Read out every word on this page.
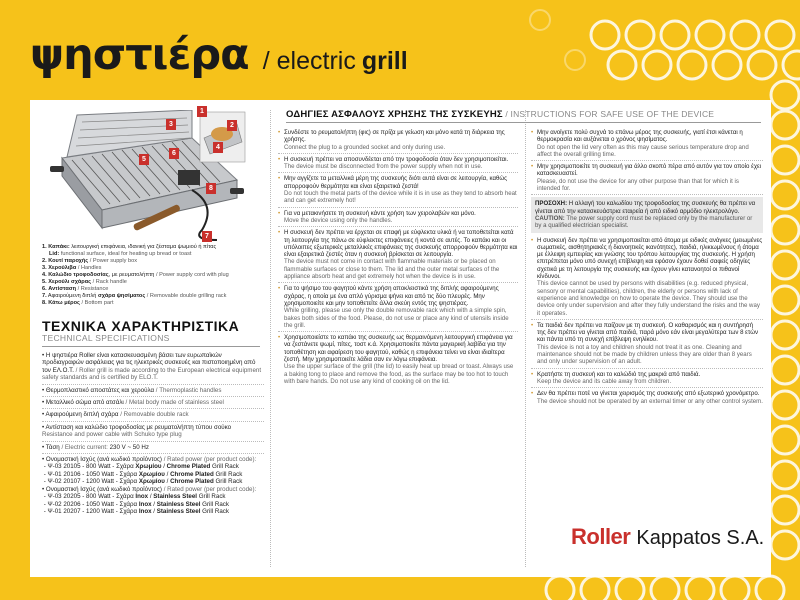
ψηστιέρα / electric grill
1
2
3
4
5
6
7
8
1. Καπάκι: λειτουργική επιφάνεια, ιδανική για ζέσταμα ψωμιού ή πίτας
Lid: functional surface, ideal for heating up bread or toast
2. Κουτί παροχής / Power supply box
3. Χερούλιβα / Handles
4. Καλώδιο τροφοδοσίας, με ρευματολήπτη / Power supply cord with plug
5. Χερούλι σχάρας / Rack handle
6. Αντίσταση / Resistance
7. Αφαιρούμενη διπλή σχάρα ψησίματος / Removable double grilling rack
8. Κάτω μέρος / Bottom part
ΤΕΧΝΙΚΑ ΧΑΡΑΚΤΗΡΙΣΤΙΚΑ
TECHNICAL SPECIFICATIONS
• Η ψηστιέρα Roller είναι κατασκευασμένη βάσει των ευρωπαϊκών προδιαγραφών ασφάλειας για τις ηλεκτρικές συσκευές και πιστοποιημένη από τον ΕΛ.Ο.Τ. / Roller grill is made according to the European electrical equipment safety standards and is certified by ELO.T.
• Θερμοπλαστικό αποστάτες και χερούλα / Thermoplastic handles
• Μεταλλικό σώμα από ατσάλι / Metal body made of stainless steel
• Αφαιρούμενη διπλή σχάρα / Removable double rack
• Αντίσταση και καλώδιο τροφοδοσίας με ρευματολήπτη τύπου σούκο
Resistance and power cable with Schuko type plug
• Τάση / Electric current: 230 V ~ 50 Hz
• Ονομαστική Ισχύς (ανά κωδικό προϊόντος) / Rated power (per product code):
- Ψ-03 20105 - 800 Watt - Σχάρα Χρωμίου / Chrome Plated Grill Rack
- Ψ-01 20106 - 1050 Watt - Σχάρα Χρωμίου / Chrome Plated Grill Rack
- Ψ-02 20107 - 1200 Watt - Σχάρα Χρωμίου / Chrome Plated Grill Rack
• Ονομαστική Ισχύς (ανά κωδικό προϊόντος) / Rated power (per product code):
- Ψ-03 20205 - 800 Watt - Σχάρα Inox / Stainless Steel Grill Rack
- Ψ-02 20206 - 1050 Watt - Σχάρα Inox / Stainless Steel Grill Rack
- Ψ-01 20207 - 1200 Watt - Σχάρα Inox / Stainless Steel Grill Rack
ΟΔΗΓΙΕΣ ΑΣΦΑΛΟΥΣ ΧΡΗΣΗΣ ΤΗΣ ΣΥΣΚΕΥΗΣ / INSTRUCTIONS FOR SAFE USE OF THE DEVICE
• Συνδέστε το ρευματολήπτη (φις) σε πρίζα με γείωση και μόνο κατά τη διάρκεια της χρήσης.
Connect the plug to a grounded socket and only during use.
• Η συσκευή πρέπει να αποσυνδέεται από την τροφοδοσία όταν δεν χρησιμοποιείται.
The device must be disconnected from the power supply when not in use.
• Μην αγγίζετε τα μεταλλικά μέρη της συσκευής διότι αυτά είναι σε λειτουργία, καθώς απορροφούν θερμότητα και είναι εξαιρετικά ζεστά!
Do not touch the metal parts of the device while it is in use as they tend to absorb heat and can get extremely hot!
• Για να μετακινήσετε τη συσκευή κάντε χρήση των χειρολαβών και μόνο.
Move the device using only the handles.
• Η συσκευή δεν πρέπει να έρχεται σε επαφή με εύφλεκτα υλικά ή να τοποθετείται κατά τη λειτουργία της πάνω σε εύφλεκτες επιφάνειες ή κοντά σε αυτές. Το καπάκι και οι υπόλοιπες εξωτερικές μεταλλικές επιφάνειες της συσκευής απορροφούν θερμότητα και είναι εξαιρετικά ζεστές όταν η συσκευή βρίσκεται σε λειτουργία.
The device must not come in contact with flammable materials or be placed on flammable surfaces or close to them. The lid and the outer metal surfaces of the appliance absorb heat and get extremely hot when the device is in use.
• Για το ψήσιμο του φαγητού κάντε χρήση αποκλειστικά της διπλής αφαιρούμενης σχάρας, η οποία με ένα απλό γύρισμα ψήνει και από τις δύο πλευρές. Μην χρησιμοποιείτε και μην τοποθετείτε άλλα σκεύη εντός της ψηστιέρας.
While grilling, please use only the double removable rack which with a simple spin, bakes both sides of the food. Please, do not use or place any kind of utensils inside the grill.
• Χρησιμοποιείστε το καπάκι της συσκευής ως θερμαινόμενη λειτουργική επιφάνεια για να ζεστάνετε ψωμί, πίτες, τοστ κ.ά. Χρησιμοποιείτε πάντα μαγειρική λαβίδα για την τοποθέτηση και αφαίρεση του φαγητού, καθώς η επιφάνεια τείνει να είναι ιδιαίτερα ζεστή. Μην χρησιμοποιείτε λάδια σαν εν λόγω επιφάνεια.
Use the upper surface of the grill (the lid) to easily heat up bread or toast. Always use a baking tong to place and remove the food, as the surface may be too hot to touch with bare hands. Do not use any kind of cooking oil on the lid.
• Μην ανοίγετε πολύ συχνά το επάνω μέρος της συσκευής, γιατί έτσι κάνεται η θερμοκρασία και αυξάνεται ο χρόνος ψησίματος.
Do not open the lid very often as this may cause serious temperature drop and affect the overall grilling time.
• Μην χρησιμοποιείτε τη συσκευή για άλλο σκοπό πέρα από αυτόν για τον οποίο έχει κατασκευαστεί.
Please, do not use the device for any other purpose than that for which it is intended for.
ΠΡΟΣΟΧΗ: Η αλλαγή του καλωδίου της τροφοδοσίας της συσκευής θα πρέπει να γίνεται από την κατασκευάστρια εταιρεία ή από ειδικό αρμόδιο ηλεκτρολόγο.
CAUTION: The power supply cord must be replaced only by the manufacturer or by a qualified electrician specialist.
• Η συσκευή δεν πρέπει να χρησιμοποιείται από άτομα με ειδικές ανάγκες (μειωμένες σωματικές, αισθητηριακές ή διανοητικές ικανότητες), παιδιά, ηλικιωμένους ή άτομα με έλλειψη εμπειρίας και γνώσης του τρόπου λειτουργίας της συσκευής. Η χρήση επιτρέπεται μόνο υπό συνεχή επίβλεψη και εφόσον έχουν δοθεί σαφείς οδηγίες σχετικά με τη λειτουργία της συσκευής και έχουν γίνει κατανοητοί οι πιθανοί κίνδυνοι.
This device cannot be used by persons with disabilities (e.g. reduced physical, sensory or mental capabilities), children, the elderly or persons with lack of experience and knowledge on how to operate the device. They should use the device only under supervision and after they fully understand the risks and the way it operates.
• Τα παιδιά δεν πρέπει να παίζουν με τη συσκευή. Ο καθαρισμός και η συντήρησή της δεν πρέπει να γίνεται από παιδιά, παρά μόνο εάν είναι μεγαλύτερα των 8 ετών και πάντα υπό τη συνεχή επίβλεψη ενηλίκου.
This device is not a toy and children should not treat it as one. Cleaning and maintenance should not be made by children unless they are older than 8 years and only under supervision of an adult.
• Κρατήστε τη συσκευή και το καλώδιό της μακριά από παιδιά.
Keep the device and its cable away from children.
• Δεν θα πρέπει ποτέ να γίνεται χειρισμός της συσκευής από εξωτερικό χρονόμετρο.
The device should not be operated by an external timer or any other control system.
Roller Kappatos S.A.
